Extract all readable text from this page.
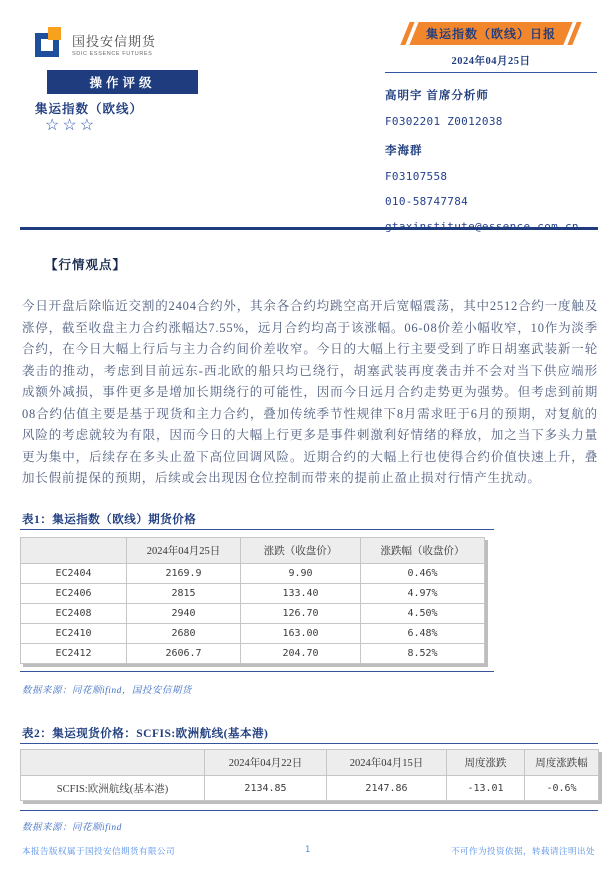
国投安信期货
SDIC ESSENCE FUTURES
操作评级
集运指数（欧线）
☆☆☆
集运指数（欧线）日报
2024年04月25日
高明宇 首席分析师
F0302201 Z0012038
李海群
F03107558
010-58747784
【行情观点】
今日开盘后除临近交割的2404合约外，其余各合约均跳空高开后宽幅震荡，其中2512合约一度触及涨停，截至收盘主力合约涨幅达7.55%，远月合约均高于该涨幅。06-08价差小幅收窄，10作为淡季合约，在今日大幅上行后与主力合约间价差收窄。今日的大幅上行主要受到了昨日胡塞武装新一轮袭击的推动，考虑到目前远东-西北欧的船只均已绕行，胡塞武装再度袭击并不会对当下供应端形成额外减损，事件更多是增加长期绕行的可能性，因而今日远月合约走势更为强势。但考虑到前期08合约估值主要是基于现货和主力合约，叠加传统季节性规律下8月需求旺于6月的预期，对复航的风险的考虑就较为有限，因而今日的大幅上行更多是事件刺激利好情绪的释放，加之当下多头力量更为集中，后续存在多头止盈下高位回调风险。近期合约的大幅上行也使得合约价值快速上升，叠加长假前提保的预期，后续或会出现因仓位控制而带来的提前止盈止损对行情产生扰动。
表1：集运指数（欧线）期货价格
	2024年04月25日	涨跌（收盘价）	涨跌幅（收盘价）
EC2404	2169.9	9.90	0.46%
EC2406	2815	133.40	4.97%
EC2408	2940	126.70	4.50%
EC2410	2680	163.00	6.48%
EC2412	2606.7	204.70	8.52%
数据来源：同花顺ifind，国投安信期货
表2：集运现货价格：SCFIS:欧洲航线(基本港)
	2024年04月22日	2024年04月15日	周度涨跌	周度涨跌幅
SCFIS:欧洲航线(基本港)	2134.85	2147.86	-13.01	-0.6%
数据来源：同花顺ifind
本报告版权属于国投安信期货有限公司	1	不可作为投资依据，转载请注明出处
